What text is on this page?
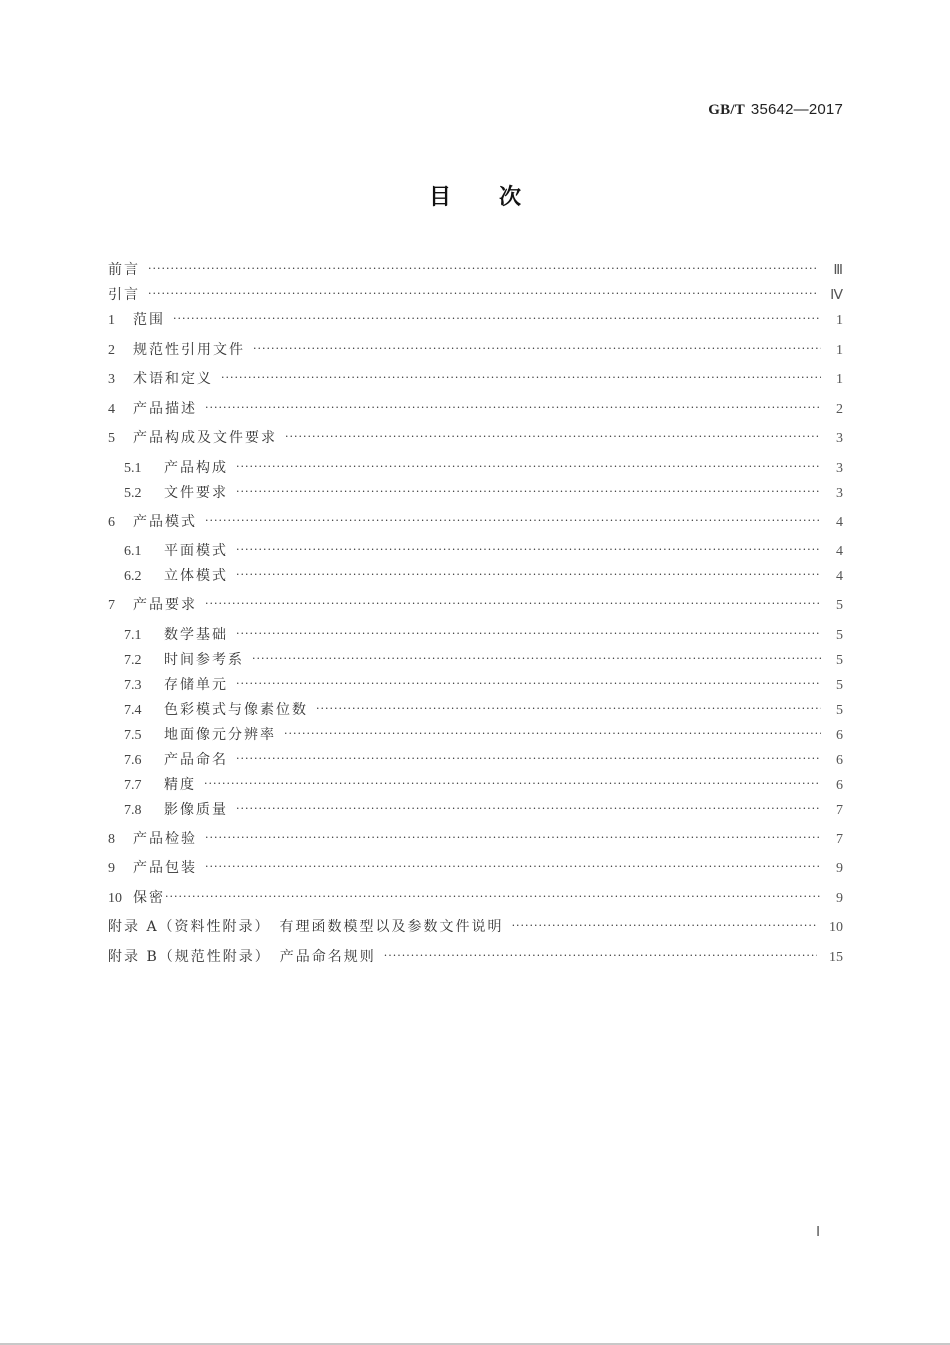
GB/T 35642—2017
目次
前言 ·····	Ⅲ
引言 ·····	Ⅳ
1	范围 ·····	1
2	规范性引用文件 ·····	1
3	术语和定义 ·····	1
4	产品描述 ·····	2
5	产品构成及文件要求 ·····	3
5.1	产品构成 ·····	3
5.2	文件要求 ·····	3
6	产品模式 ·····	4
6.1	平面模式 ·····	4
6.2	立体模式 ·····	4
7	产品要求 ·····	5
7.1	数学基础 ·····	5
7.2	时间参考系 ·····	5
7.3	存储单元 ·····	5
7.4	色彩模式与像素位数 ·····	5
7.5	地面像元分辨率 ·····	6
7.6	产品命名 ·····	6
7.7	精度 ·····	6
7.8	影像质量 ·····	7
8	产品检验 ·····	7
9	产品包装 ·····	9
10 保密 ·····	9
附录 A（资料性附录）　有理函数模型以及参数文件说明 ·····	10
附录 B（规范性附录）　产品命名规则 ·····	15
Ⅰ
